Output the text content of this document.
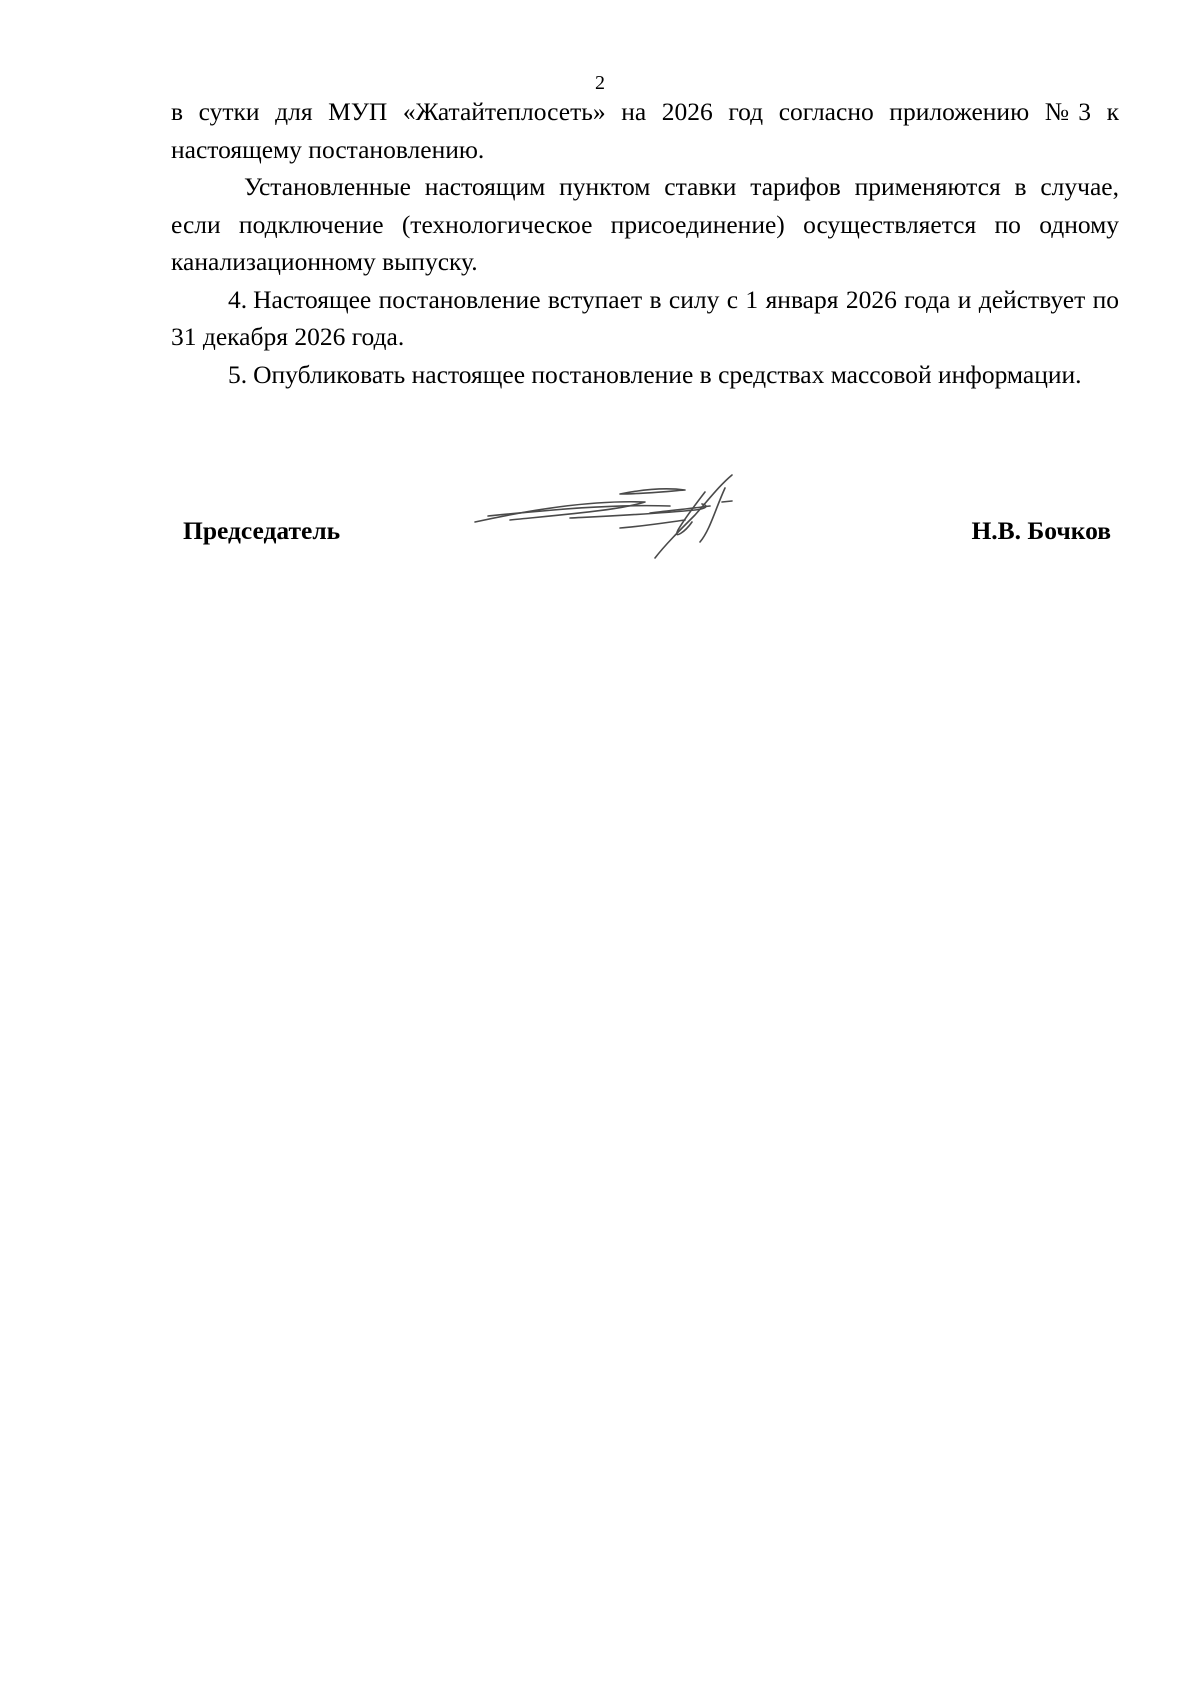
2

в сутки для МУП «Жатайтеплосеть» на 2026 год согласно приложению №3 к настоящему постановлению.

Установленные настоящим пунктом ставки тарифов применяются в случае, если подключение (технологическое присоединение) осуществляется по одному канализационному выпуску.

4. Настоящее постановление вступает в силу с 1 января 2026 года и действует по 31 декабря 2026 года.

5. Опубликовать настоящее постановление в средствах массовой информации.

Председатель	Н.В. Бочков
